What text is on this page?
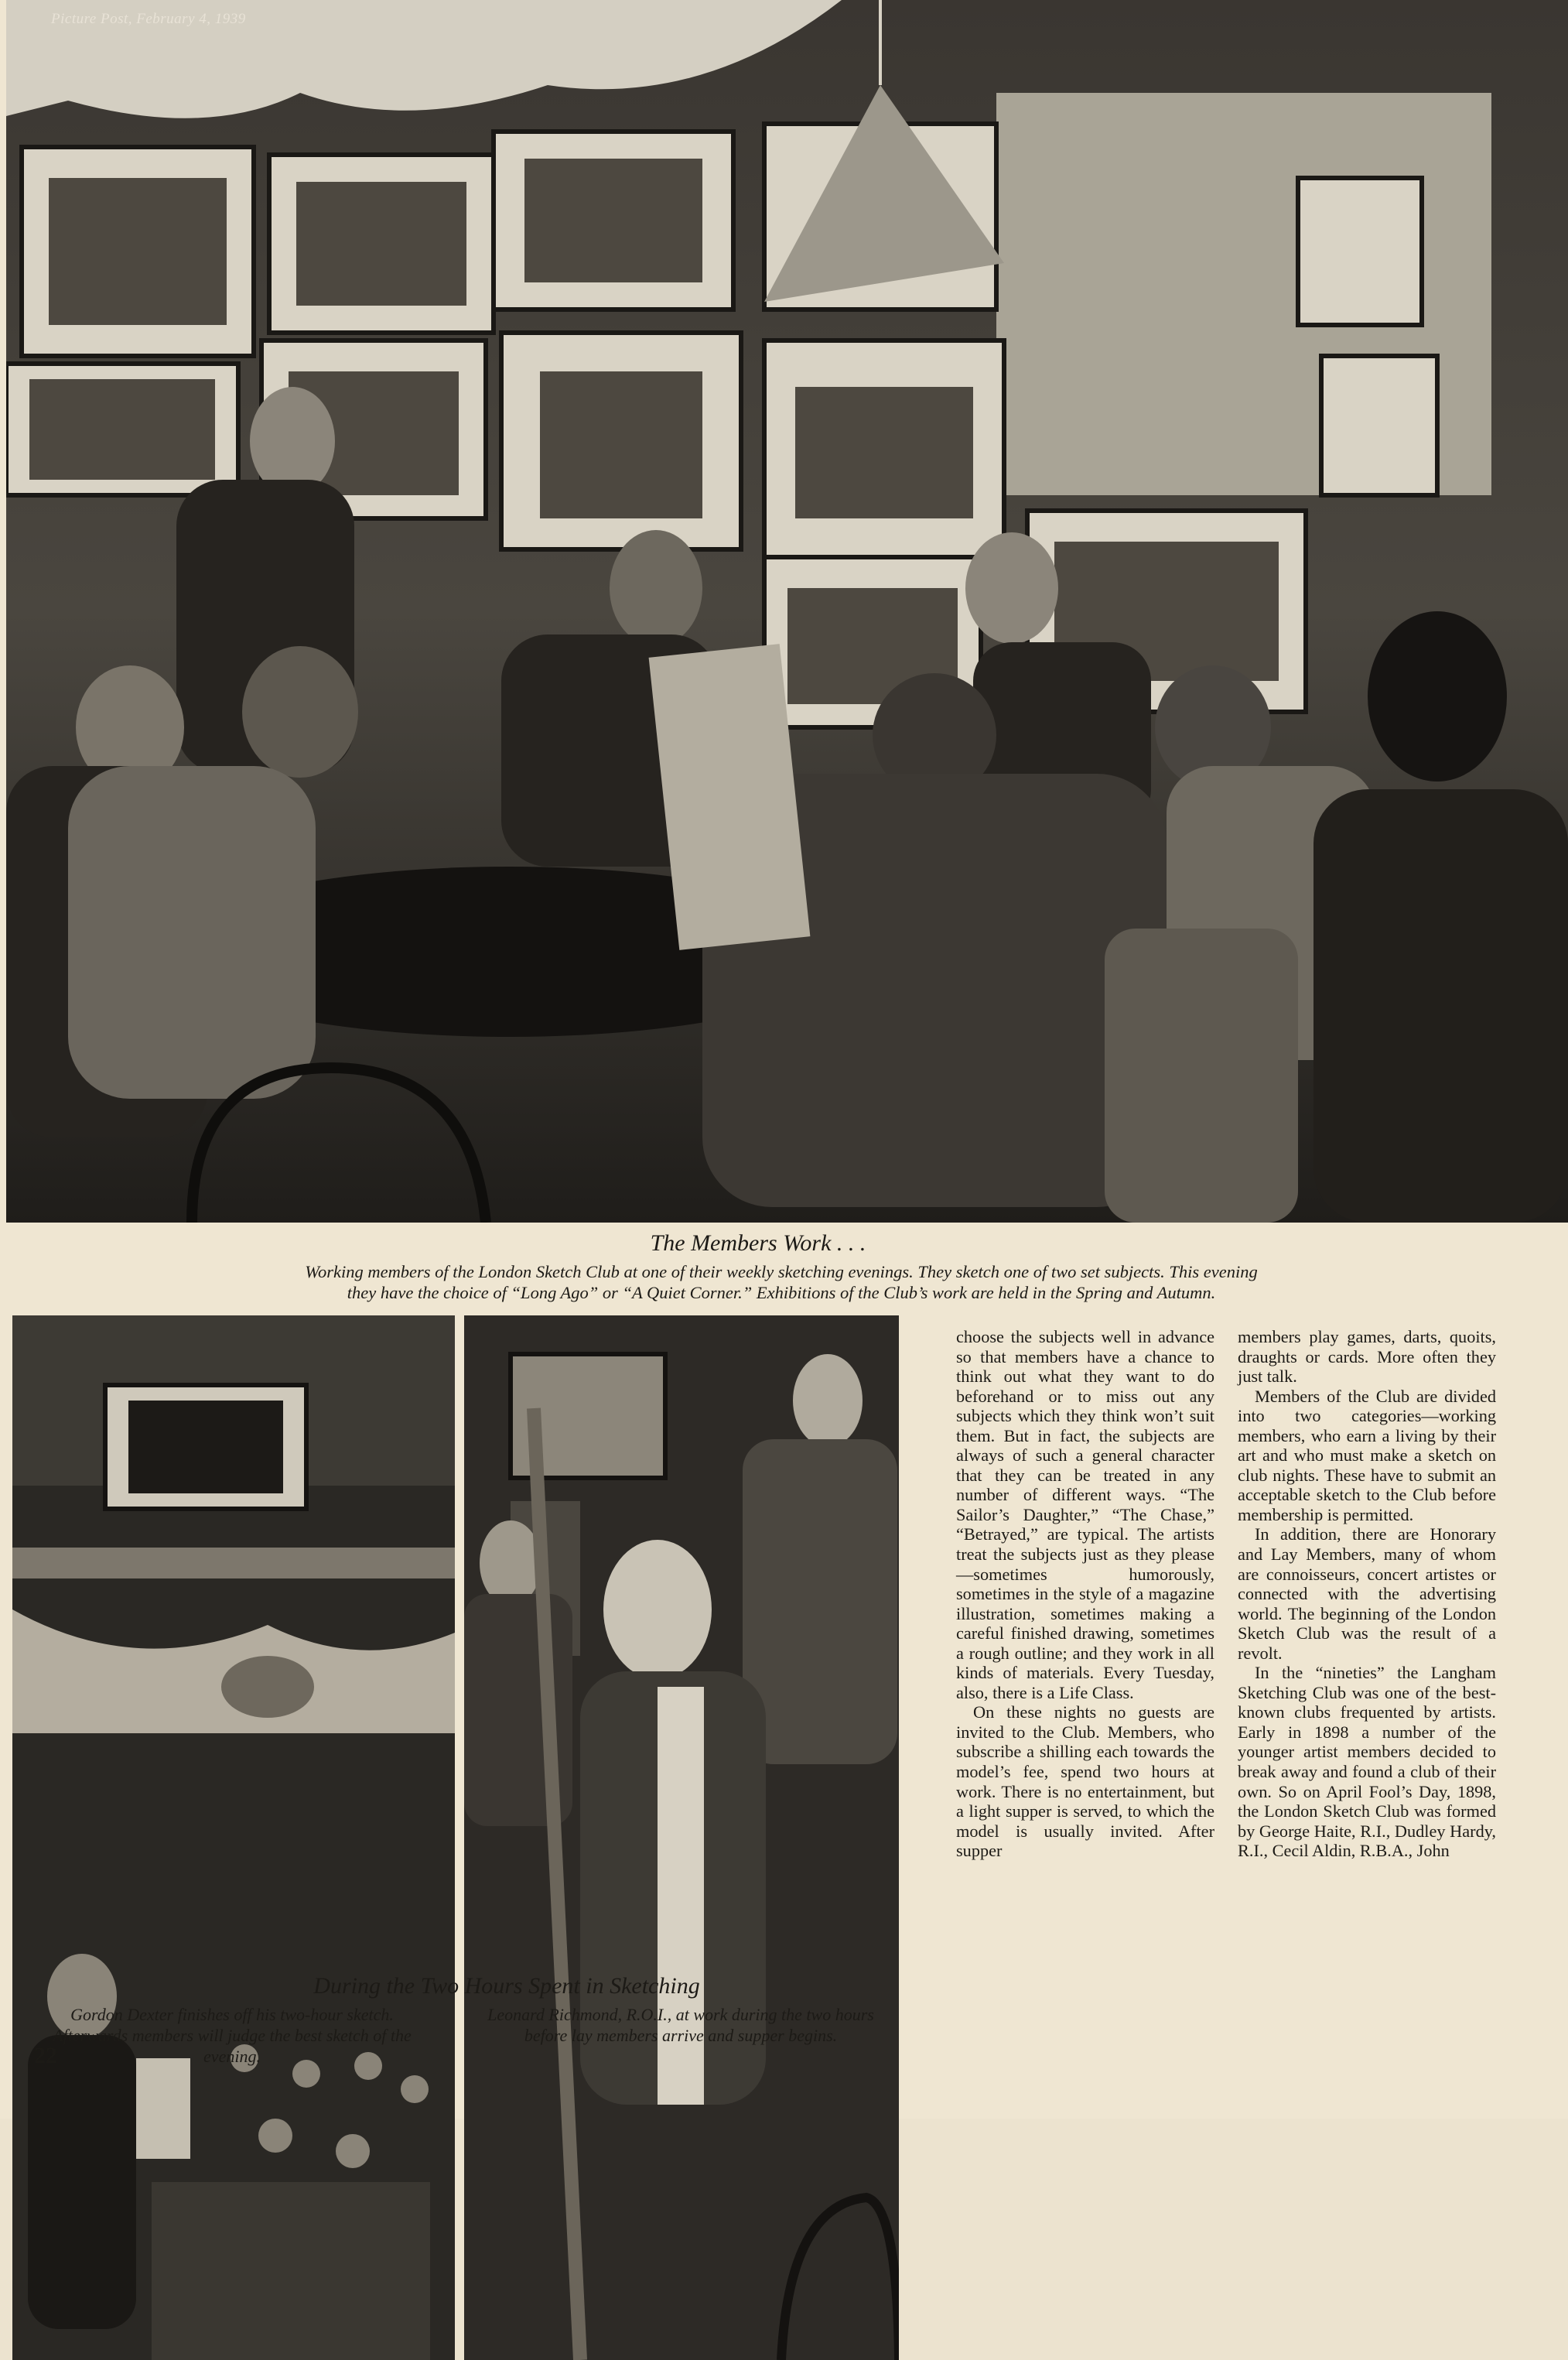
Picture Post, February 4, 1939
The Members Work . . .
Working members of the London Sketch Club at one of their weekly sketching evenings. They sketch one of two set subjects. This evening
they have the choice of “Long Ago” or “A Quiet Corner.” Exhibitions of the Club’s work are held in the Spring and Autumn.
During the Two Hours Spent in Sketching
Gordon Dexter finishes off his two-hour sketch. Afterwards members will judge the best sketch of the evening.
Leonard Richmond, R.O.I., at work during the two hours before lay members arrive and supper begins.

choose the subjects well in advance so that members have a chance to think out what they want to do beforehand or to miss out any subjects which they think won’t suit them. But in fact, the subjects are always of such a general character that they can be treated in any number of different ways. “The Sailor’s Daughter,” “The Chase,” “Betrayed,” are typical. The artists treat the subjects just as they please—sometimes humorously, sometimes in the style of a magazine illustration, sometimes making a careful finished drawing, sometimes a rough outline; and they work in all kinds of materials. Every Tuesday, also, there is a Life Class.

On these nights no guests are invited to the Club. Members, who subscribe a shilling each towards the model’s fee, spend two hours at work. There is no entertainment, but a light supper is served, to which the model is usually invited. After supper

members play games, darts, quoits, draughts or cards. More often they just talk.

Members of the Club are divided into two categories—working members, who earn a living by their art and who must make a sketch on club nights. These have to submit an acceptable sketch to the Club before membership is permitted.

In addition, there are Honorary and Lay Members, many of whom are connoisseurs, concert artistes or connected with the advertising world. The beginning of the London Sketch Club was the result of a revolt.

In the “nineties” the Langham Sketching Club was one of the best-known clubs frequented by artists. Early in 1898 a number of the younger artist members decided to break away and found a club of their own. So on April Fool’s Day, 1898, the London Sketch Club was formed by George Haite, R.I., Dudley Hardy, R.I., Cecil Aldin, R.B.A., John

22
